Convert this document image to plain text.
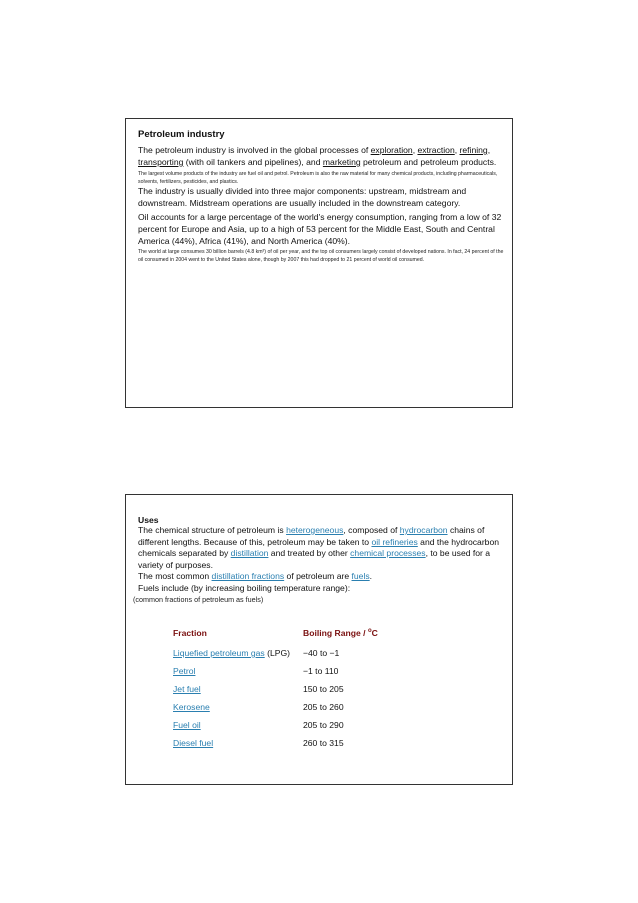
Petroleum industry
The petroleum industry is involved in the global processes of exploration, extraction, refining, transporting (with oil tankers and pipelines), and marketing petroleum and petroleum products.
The largest volume products of the industry are fuel oil and petrol. Petroleum is also the raw material for many chemical products, including pharmaceuticals, solvents, fertilizers, pesticides, and plastics.
The industry is usually divided into three major components: upstream, midstream and downstream. Midstream operations are usually included in the downstream category.
Oil accounts for a large percentage of the world's energy consumption, ranging from a low of 32 percent for Europe and Asia, up to a high of 53 percent for the Middle East, South and Central America (44%), Africa (41%), and North America (40%).
The world at large consumes 30 billion barrels (4.8 km³) of oil per year, and the top oil consumers largely consist of developed nations. In fact, 24 percent of the oil consumed in 2004 went to the United States alone, though by 2007 this had dropped to 21 percent of world oil consumed.
Uses
The chemical structure of petroleum is heterogeneous, composed of hydrocarbon chains of different lengths. Because of this, petroleum may be taken to oil refineries and the hydrocarbon chemicals separated by distillation and treated by other chemical processes, to be used for a variety of purposes.
The most common distillation fractions of petroleum are fuels.
Fuels include (by increasing boiling temperature range):
(common fractions of petroleum as fuels)
Fraction	Boiling Range / $^o$C
Liquefied petroleum gas (LPG) −40 to −1
Petrol	−1 to 110
Jet fuel	150 to 205
Kerosene	205 to 260
Fuel oil	205 to 290
Diesel fuel	260 to 315
